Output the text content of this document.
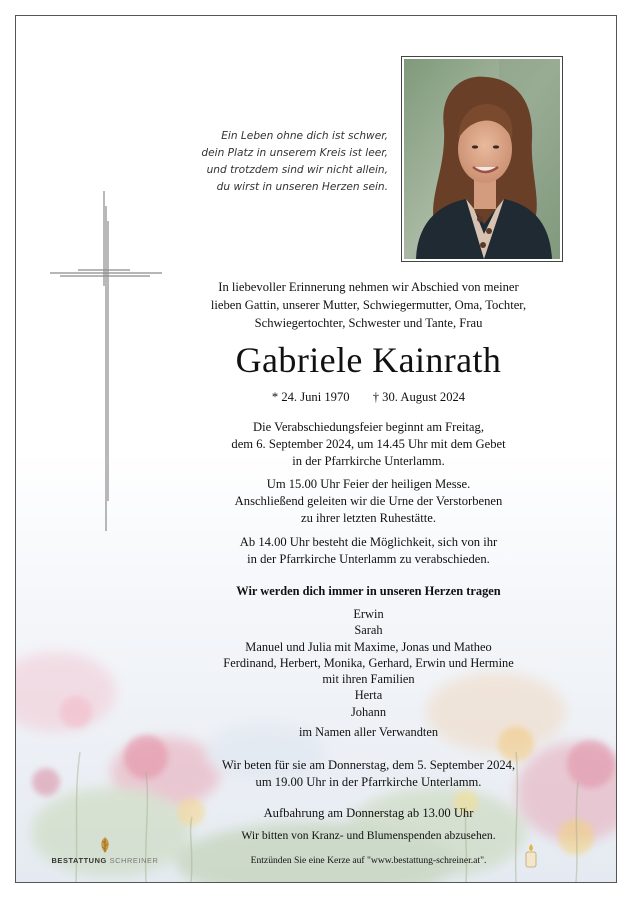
Ein Leben ohne dich ist schwer,
dein Platz in unserem Kreis ist leer,
und trotzdem sind wir nicht allein,
du wirst in unseren Herzen sein.
In liebevoller Erinnerung nehmen wir Abschied von meiner
lieben Gattin, unserer Mutter, Schwiegermutter, Oma, Tochter,
Schwiegertochter, Schwester und Tante, Frau
Gabriele Kainrath
* 24. Juni 1970 † 30. August 2024
Die Verabschiedungsfeier beginnt am Freitag,
dem 6. September 2024, um 14.45 Uhr mit dem Gebet
in der Pfarrkirche Unterlamm.
Um 15.00 Uhr Feier der heiligen Messe.
Anschließend geleiten wir die Urne der Verstorbenen
zu ihrer letzten Ruhestätte.
Ab 14.00 Uhr besteht die Möglichkeit, sich von ihr
in der Pfarrkirche Unterlamm zu verabschieden.
Wir werden dich immer in unseren Herzen tragen
Erwin
Sarah
Manuel und Julia mit Maxime, Jonas und Matheo
Ferdinand, Herbert, Monika, Gerhard, Erwin und Hermine
mit ihren Familien
Herta
Johann
im Namen aller Verwandten
Wir beten für sie am Donnerstag, dem 5. September 2024,
um 19.00 Uhr in der Pfarrkirche Unterlamm.
Aufbahrung am Donnerstag ab 13.00 Uhr
Wir bitten von Kranz- und Blumenspenden abzusehen.
Entzünden Sie eine Kerze auf "www.bestattung-schreiner.at".
BESTATTUNG SCHREINER
